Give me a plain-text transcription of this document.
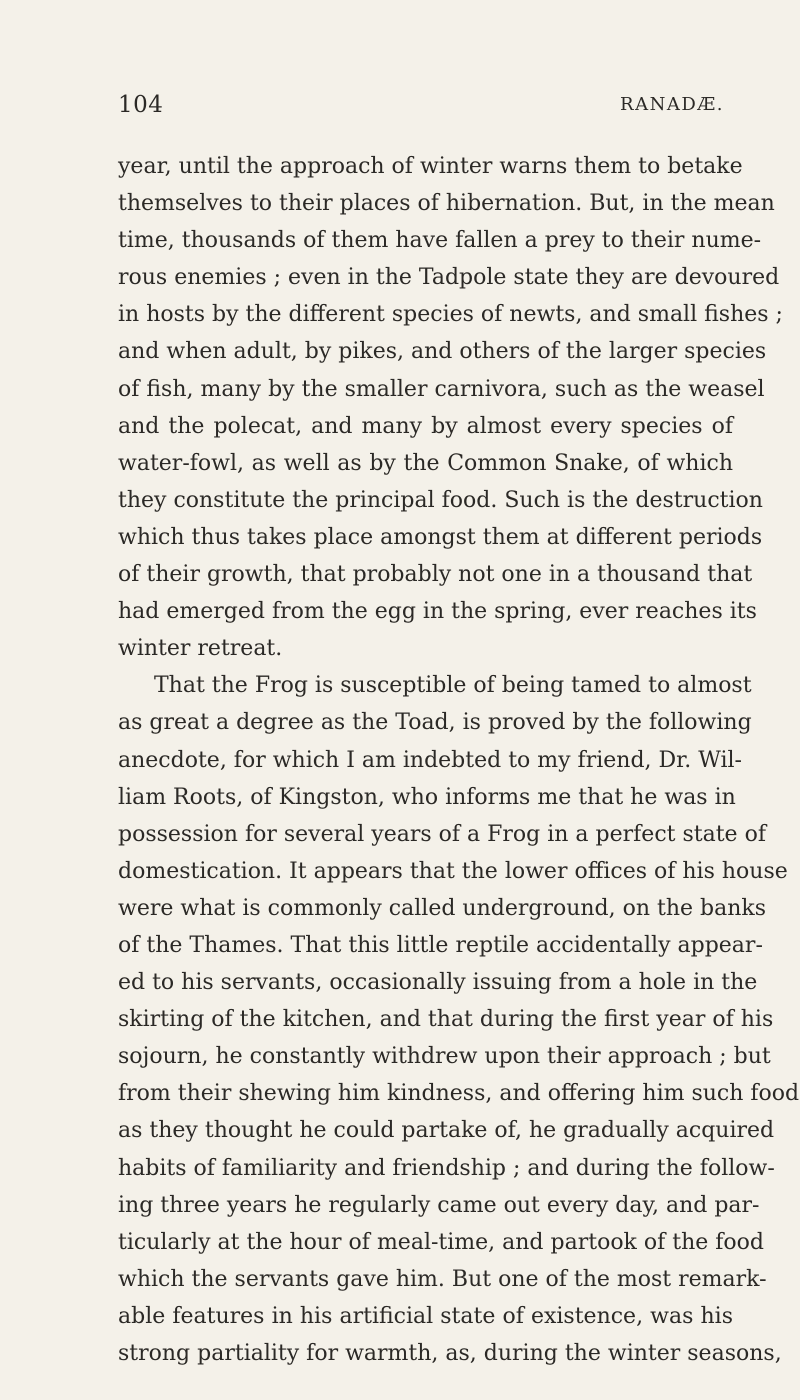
104	RANADÆ.
year, until the approach of winter warns them to betake
themselves to their places of hibernation. But, in the mean
time, thousands of them have fallen a prey to their nume-
rous enemies ; even in the Tadpole state they are devoured
in hosts by the different species of newts, and small fishes ;
and when adult, by pikes, and others of the larger species
of fish, many by the smaller carnivora, such as the weasel
and the polecat, and many by almost every species of
water-fowl, as well as by the Common Snake, of which
they constitute the principal food. Such is the destruction
which thus takes place amongst them at different periods
of their growth, that probably not one in a thousand that
had emerged from the egg in the spring, ever reaches its
winter retreat.
That the Frog is susceptible of being tamed to almost
as great a degree as the Toad, is proved by the following
anecdote, for which I am indebted to my friend, Dr. Wil-
liam Roots, of Kingston, who informs me that he was in
possession for several years of a Frog in a perfect state of
domestication. It appears that the lower offices of his house
were what is commonly called underground, on the banks
of the Thames. That this little reptile accidentally appear-
ed to his servants, occasionally issuing from a hole in the
skirting of the kitchen, and that during the first year of his
sojourn, he constantly withdrew upon their approach ; but
from their shewing him kindness, and offering him such food
as they thought he could partake of, he gradually acquired
habits of familiarity and friendship ; and during the follow-
ing three years he regularly came out every day, and par-
ticularly at the hour of meal-time, and partook of the food
which the servants gave him. But one of the most remark-
able features in his artificial state of existence, was his
strong partiality for warmth, as, during the winter seasons,
